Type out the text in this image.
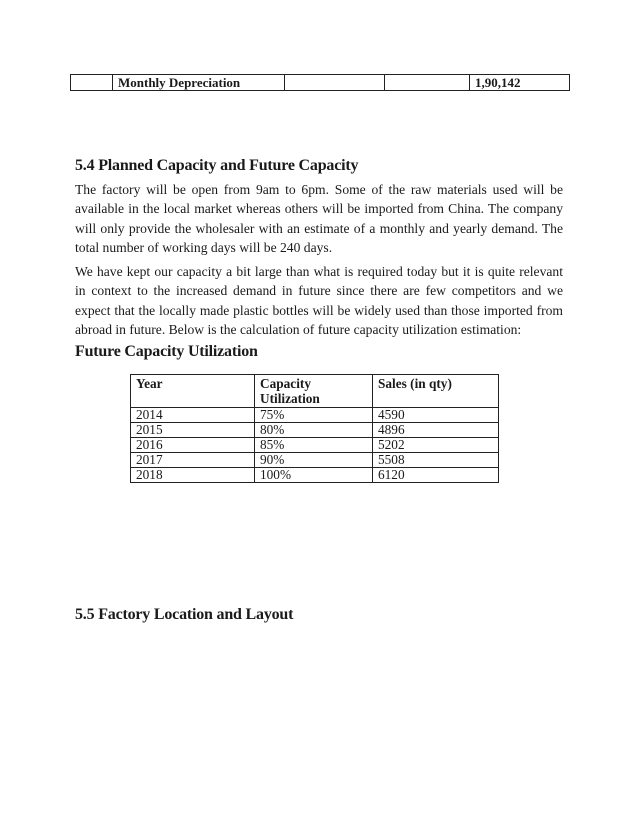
	Monthly Depreciation			1,90,142
5.4 Planned Capacity and Future Capacity

The factory will be open from 9am to 6pm. Some of the raw materials used will be available in the local market whereas others will be imported from China. The company will only provide the wholesaler with an estimate of a monthly and yearly demand. The total number of working days will be 240 days.

We have kept our capacity a bit large than what is required today but it is quite relevant in context to the increased demand in future since there are few competitors and we expect that the locally made plastic bottles will be widely used than those imported from abroad in future. Below is the calculation of future capacity utilization estimation:

Future Capacity Utilization
Year	Capacity Utilization	Sales (in qty)
2014	75%	4590
2015	80%	4896
2016	85%	5202
2017	90%	5508
2018	100%	6120
5.5 Factory Location and Layout
